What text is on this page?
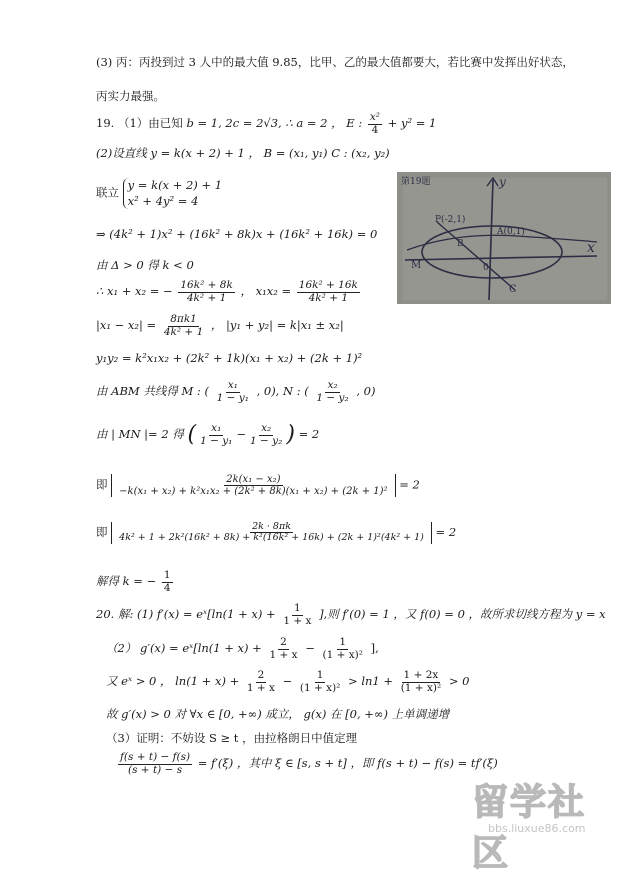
(3) 丙：丙投到过 3 人中的最大值 9.85，比甲、乙的最大值都要大，若比赛中发挥出好状态，
丙实力最强。
19. （1）由已知 b = 1, 2c = 2√3, ∴ a = 2 ， E : $\frac{\text{x²}}{4} + y^2 = 1$
(2)设直线 y = k(x + 2) + 1 ， B = (x₁, y₁) C : (x₂, y₂)
联立 y = k(x + 2) + 1
x² + 4y² = 4
⇒ (4k² + 1)x² + (16k² + 8k)x + (16k² + 16k) = 0
由 Δ > 0 得 k < 0
∴ x₁ + x₂ = − $\frac{\text{16k² + 8k}}{\text{4k² + 1}}$ ， $x_1x_2 = \frac{\text{16k² + 16k}}{\text{4k² + 1}}$
$|x_1 - x_2| = \frac{8\pi k1}{\text{4k² + 1}}$ ， |y₁ + y₂| = k|x₁ ± x₂|
y₁y₂ = k²x₁x₂ + (2k² + 1k)(x₁ + x₂) + (2k + 1)²
由 ABM 共线得 M : ( $\frac{\text{x₁}}{\text{1 − y₁}}$ , 0), N : ( $\frac{\text{x₂}}{\text{1 − y₂}}$ , 0)
由 | MN |= 2 得
( $\frac{\text{x₁}}{\text{1 − y₁}} - \frac{\text{x₂}}{\text{1 − y₂}}$
) = 2
即 $\frac{\text{2k(x₁ − x₂)}}{\text{−k(x₁ + x₂) + k²x₁x₂ + (2k² + 8k)(x₁ + x₂) + (2k + 1)²}} = 2$
即	2k · 8πk
4k² + 1 + 2k²(16k² + 8k) + k²(16k² + 16k) + (2k + 1)²(4k² + 1) = 2
解得 k = − $\frac{1}{4}$
20. 解: (1) f′(x) = eˣ[ln(1 + $x) + \frac{1}{1 + x}$ ],则 f′(0) = 1 ，又 f(0) = 0 ，故所求切线方程为 y = x
（2） g′(x) = eˣ[ln(1 + $x) + \frac{2}{1 + x} - \frac{1}{\text{(1 + x)²}}$ ],
又 eˣ > 0 ， $\ln(1 + x) + \frac{2}{1 + x} - \frac{1}{\text{(1 + x)²}} > \ln 1 + \frac{1 + 2x}{\text{(1 + x)²}} > 0$
故 g′(x) > 0 对 ∀x ∈ [0, +∞) 成立， g(x) 在 [0, +∞) 上单调递增
（3）证明：不妨设 S ≥ t ，由拉格朗日中值定理
$\frac{f(s + t) - f(s)}{(s + t) - s} = f'(\xi)$ ，其中 ξ ∈ [s, s + t] ，即 f(s + t) − f(s) = tf′(ξ)
第19题	y
x
P(-2,1)
A(0,1)
B
C
M	0
留学社区
bbs.liuxue86.com
